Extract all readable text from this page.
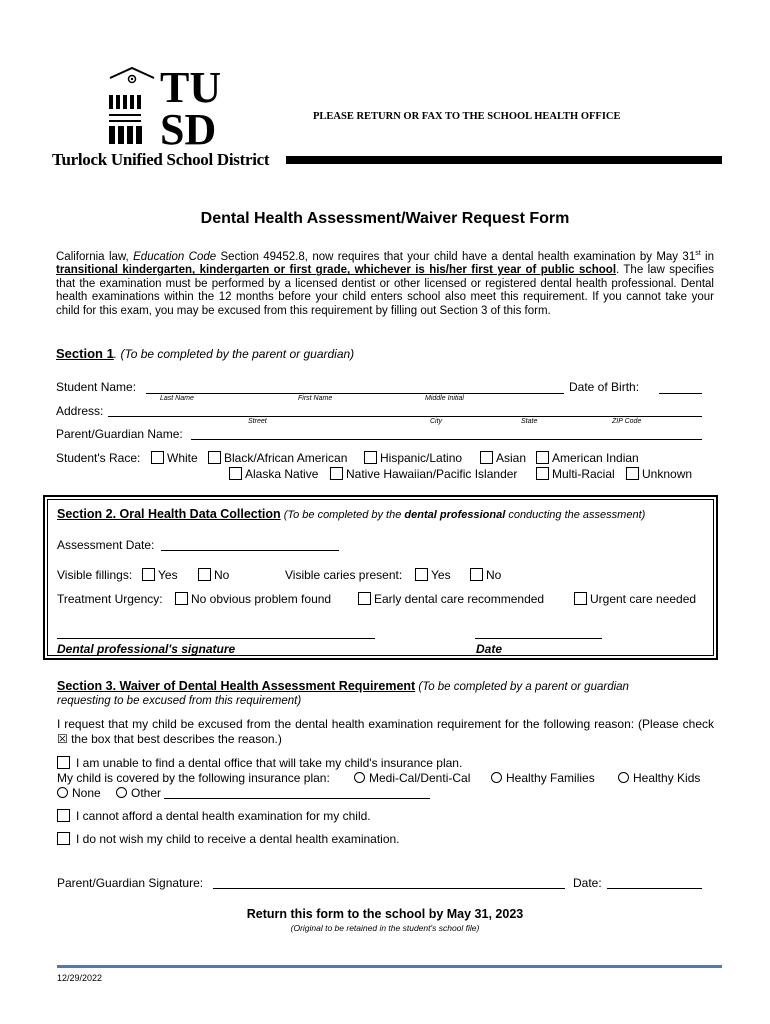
TU
SD
Turlock Unified School District
PLEASE RETURN OR FAX TO THE SCHOOL HEALTH OFFICE
Dental Health Assessment/Waiver Request Form

California law, Education Code Section 49452.8, now requires that your child have a dental health examination by May 31st in transitional kindergarten, kindergarten or first grade, whichever is his/her first year of public school. The law specifies that the examination must be performed by a licensed dentist or other licensed or registered dental health professional. Dental health examinations within the 12 months before your child enters school also meet this requirement. If you cannot take your child for this exam, you may be excused from this requirement by filling out Section 3 of this form.

Section 1. (To be completed by the parent or guardian)
Student Name:	Date of Birth:
Last Name	First Name	Middle Initial
Address:
Street	City	State	ZIP Code
Parent/Guardian Name:
Student's Race:	White	Black/African American	Hispanic/Latino	Asian	American Indian
Alaska Native	Native Hawaiian/Pacific Islander	Multi-Racial	Unknown
Section 2. Oral Health Data Collection (To be completed by the dental professional conducting the assessment)
Assessment Date:
Visible fillings:	Yes	No	Visible caries present:	Yes	No
Treatment Urgency:	No obvious problem found	Early dental care recommended	Urgent care needed
Dental professional's signature	Date
Section 3. Waiver of Dental Health Assessment Requirement (To be completed by a parent or guardian
requesting to be excused from this requirement)

I request that my child be excused from the dental health examination requirement for the following reason: (Please check ☒ the box that best describes the reason.)

I am unable to find a dental office that will take my child's insurance plan.
My child is covered by the following insurance plan:	Medi-Cal/Denti-Cal	Healthy Families	Healthy Kids
None	Other
I cannot afford a dental health examination for my child.
I do not wish my child to receive a dental health examination.
Parent/Guardian Signature:	Date:
Return this form to the school by May 31, 2023
(Original to be retained in the student's school file)
12/29/2022
